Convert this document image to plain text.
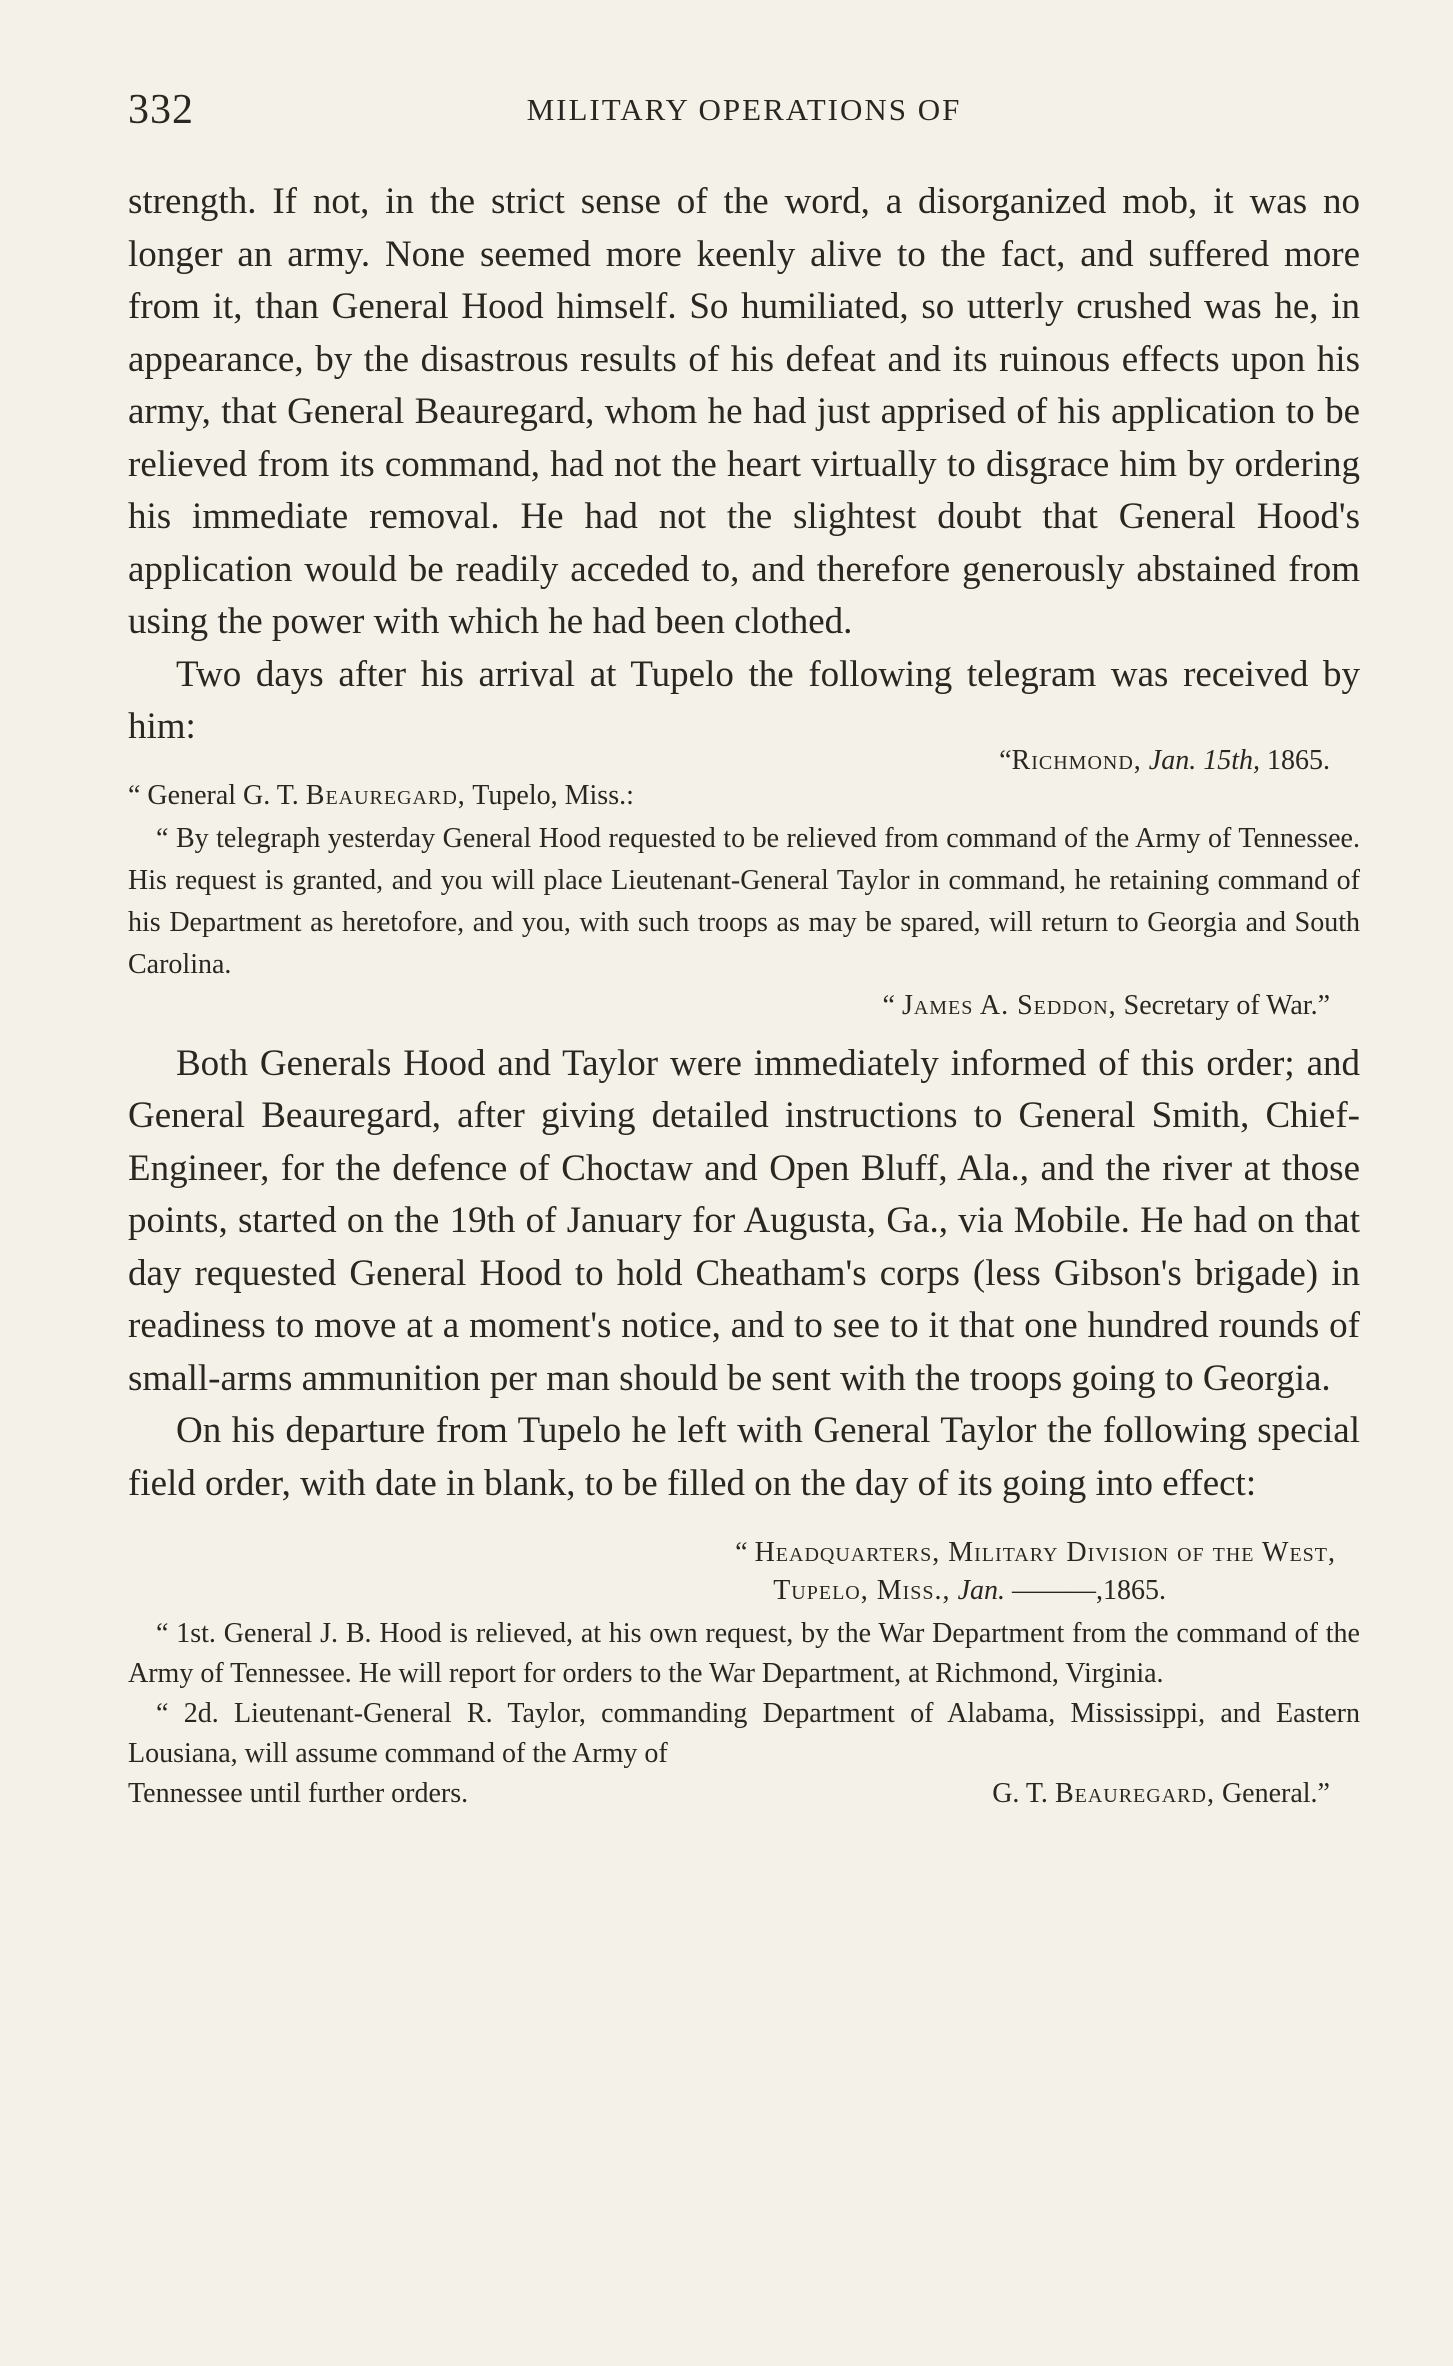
332	MILITARY OPERATIONS OF

strength. If not, in the strict sense of the word, a disorganized mob, it was no longer an army. None seemed more keenly alive to the fact, and suffered more from it, than General Hood himself. So humiliated, so utterly crushed was he, in appearance, by the disastrous results of his defeat and its ruinous effects upon his army, that General Beauregard, whom he had just apprised of his application to be relieved from its command, had not the heart virtually to disgrace him by ordering his immediate removal. He had not the slightest doubt that General Hood's application would be readily acceded to, and therefore generously abstained from using the power with which he had been clothed.

Two days after his arrival at Tupelo the following telegram was received by him:

“Richmond, Jan. 15th, 1865.

“ General G. T. Beauregard, Tupelo, Miss.:

“ By telegraph yesterday General Hood requested to be relieved from command of the Army of Tennessee. His request is granted, and you will place Lieutenant-General Taylor in command, he retaining command of his Department as heretofore, and you, with such troops as may be spared, will return to Georgia and South Carolina.

“ James A. Seddon, Secretary of War.”

Both Generals Hood and Taylor were immediately informed of this order; and General Beauregard, after giving detailed instructions to General Smith, Chief-Engineer, for the defence of Choctaw and Open Bluff, Ala., and the river at those points, started on the 19th of January for Augusta, Ga., via Mobile. He had on that day requested General Hood to hold Cheatham's corps (less Gibson's brigade) in readiness to move at a moment's notice, and to see to it that one hundred rounds of small-arms ammunition per man should be sent with the troops going to Georgia.

On his departure from Tupelo he left with General Taylor the following special field order, with date in blank, to be filled on the day of its going into effect:

“ Headquarters, Military Division of the West,
Tupelo, Miss., Jan. ———,1865.

“ 1st. General J. B. Hood is relieved, at his own request, by the War Department from the command of the Army of Tennessee. He will report for orders to the War Department, at Richmond, Virginia.

“ 2d. Lieutenant-General R. Taylor, commanding Department of Alabama, Mississippi, and Eastern Lousiana, will assume command of the Army of

Tennessee until further orders.	G. T. Beauregard, General.”
